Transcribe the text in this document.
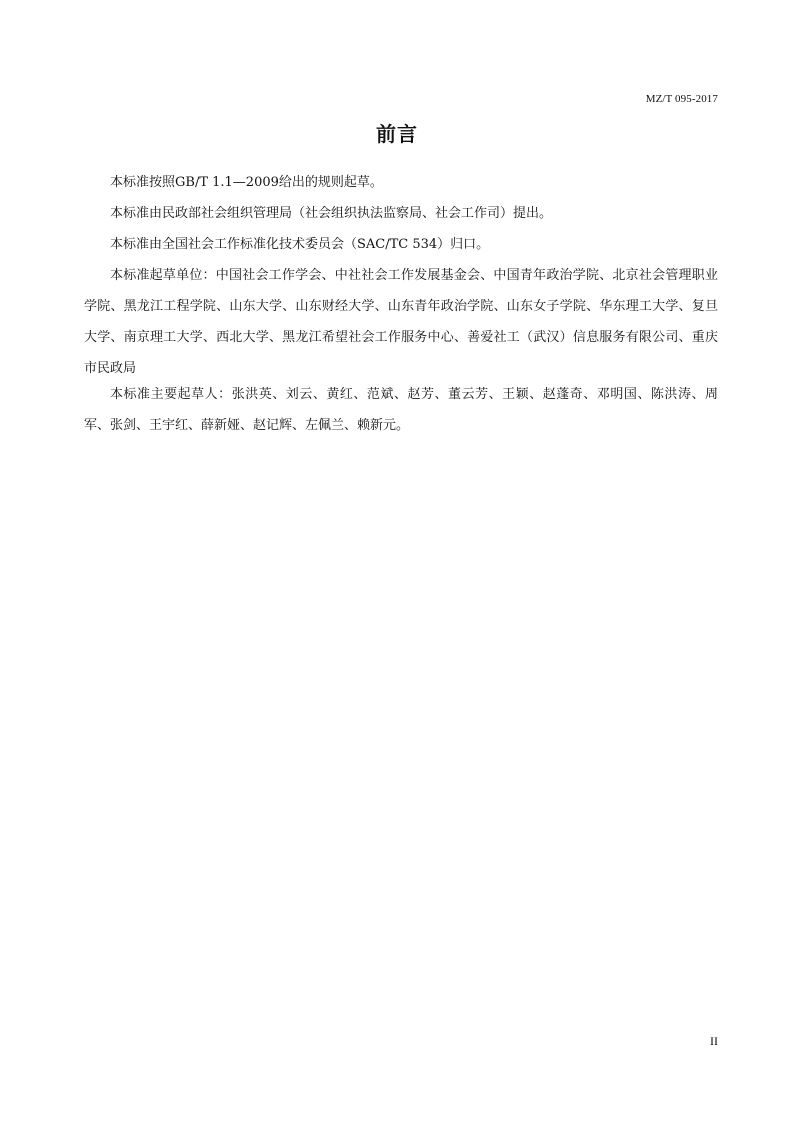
MZ/T 095-2017
前言

本标准按照GB/T 1.1—2009给出的规则起草。

本标准由民政部社会组织管理局（社会组织执法监察局、社会工作司）提出。

本标准由全国社会工作标准化技术委员会（SAC/TC 534）归口。

本标准起草单位：中国社会工作学会、中社社会工作发展基金会、中国青年政治学院、北京社会管理职业学院、黑龙江工程学院、山东大学、山东财经大学、山东青年政治学院、山东女子学院、华东理工大学、复旦大学、南京理工大学、西北大学、黑龙江希望社会工作服务中心、善爱社工（武汉）信息服务有限公司、重庆市民政局

本标准主要起草人：张洪英、刘云、黄红、范斌、赵芳、董云芳、王颖、赵蓬奇、邓明国、陈洪涛、周军、张剑、王宇红、薛新娅、赵记辉、左佩兰、赖新元。

II
